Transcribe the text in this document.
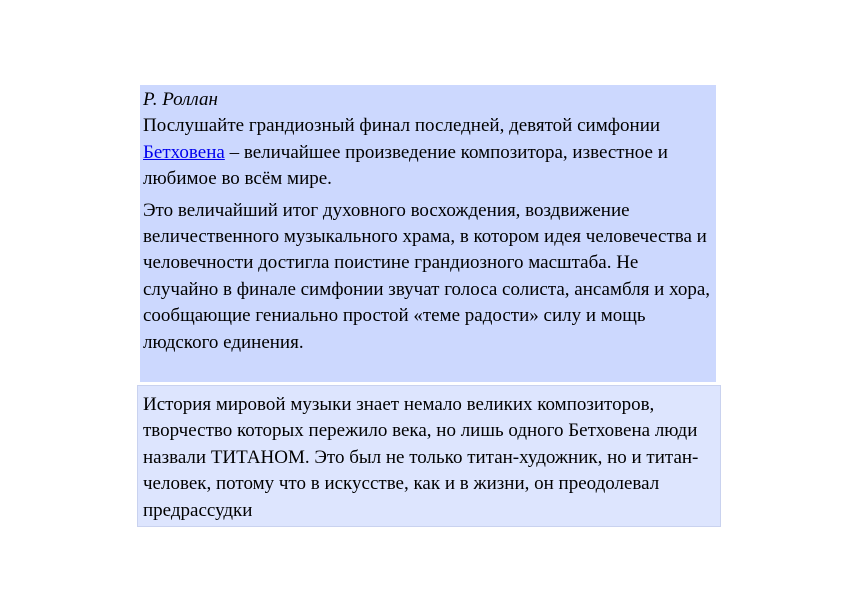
Р. Роллан

Послушайте грандиозный финал последней, девятой симфонии Бетховена – величайшее произведение композитора, известное и любимое во всём мире.

Это величайший итог духовного восхождения, воздвижение величественного музыкального храма, в котором идея человечества и человечности достигла поистине грандиозного масштаба. Не случайно в финале симфонии звучат голоса солиста, ансамбля и хора, сообщающие гениально простой «теме радости» силу и мощь людского единения.

История мировой музыки знает немало великих композиторов, творчество которых пережило века, но лишь одного Бетховена люди назвали ТИТАНОМ. Это был не только титан-художник, но и титан-человек, потому что в искусстве, как и в жизни, он преодолевал предрассудки
